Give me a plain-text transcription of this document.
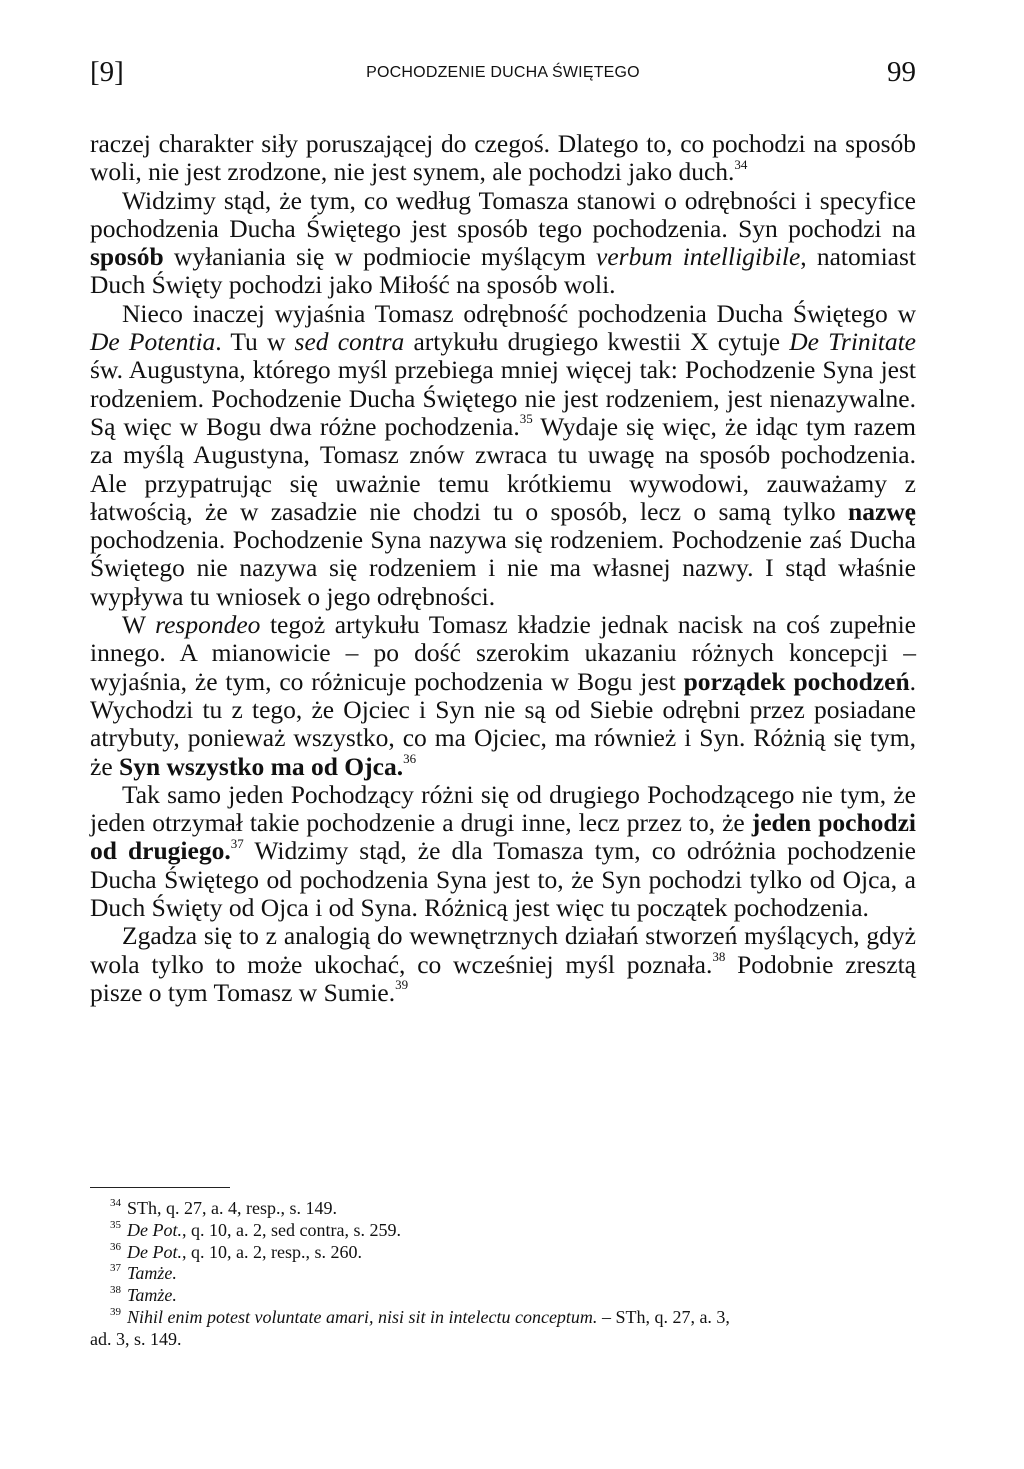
[9]	POCHODZENIE DUCHA ŚWIĘTEGO	99

raczej charakter siły poruszającej do czegoś. Dlatego to, co pochodzi na sposób woli, nie jest zrodzone, nie jest synem, ale pochodzi jako duch.$^{34}$

Widzimy stąd, że tym, co według Tomasza stanowi o odrębności i specyfice pochodzenia Ducha Świętego jest sposób tego pochodzenia. Syn pochodzi na sposób wyłaniania się w podmiocie myślącym verbum intelligibile, natomiast Duch Święty pochodzi jako Miłość na sposób woli.

Nieco inaczej wyjaśnia Tomasz odrębność pochodzenia Ducha Świętego w De Potentia. Tu w sed contra artykułu drugiego kwestii X cytuje De Trinitate św. Augustyna, którego myśl przebiega mniej więcej tak: Pochodzenie Syna jest rodzeniem. Pochodzenie Ducha Świętego nie jest rodzeniem, jest nienazywalne. Są więc w Bogu dwa różne pochodzenia.$^{35}$ Wydaje się więc, że idąc tym razem za myślą Augustyna, Tomasz znów zwraca tu uwagę na sposób pochodzenia. Ale przypatrując się uważnie temu krótkiemu wywodowi, zauważamy z łatwością, że w zasadzie nie chodzi tu o sposób, lecz o samą tylko nazwę pochodzenia. Pochodzenie Syna nazywa się rodzeniem. Pochodzenie zaś Ducha Świętego nie nazywa się rodzeniem i nie ma własnej nazwy. I stąd właśnie wypływa tu wniosek o jego odrębności.

W respondeo tegoż artykułu Tomasz kładzie jednak nacisk na coś zupełnie innego. A mianowicie – po dość szerokim ukazaniu różnych koncepcji – wyjaśnia, że tym, co różnicuje pochodzenia w Bogu jest porządek pochodzeń. Wychodzi tu z tego, że Ojciec i Syn nie są od Siebie odrębni przez posiadane atrybuty, ponieważ wszystko, co ma Ojciec, ma również i Syn. Różnią się tym, że Syn wszystko ma od Ojca.$^{36}$

Tak samo jeden Pochodzący różni się od drugiego Pochodzącego nie tym, że jeden otrzymał takie pochodzenie a drugi inne, lecz przez to, że jeden pochodzi od drugiego.$^{37}$ Widzimy stąd, że dla Tomasza tym, co odróżnia pochodzenie Ducha Świętego od pochodzenia Syna jest to, że Syn pochodzi tylko od Ojca, a Duch Święty od Ojca i od Syna. Różnicą jest więc tu początek pochodzenia.

Zgadza się to z analogią do wewnętrznych działań stworzeń myślących, gdyż wola tylko to może ukochać, co wcześniej myśl poznała.$^{38}$ Podobnie zresztą pisze o tym Tomasz w Sumie.$^{39}$

$^{34}$ STh, q. 27, a. 4, resp., s. 149.
$^{35}$ De Pot., q. 10, a. 2, sed contra, s. 259.
$^{36}$ De Pot., q. 10, a. 2, resp., s. 260.
$^{37}$ Tamże.
$^{38}$ Tamże.
$^{39}$ Nihil enim potest voluntate amari, nisi sit in intelectu conceptum. – STh, q. 27, a. 3,
ad. 3, s. 149.
